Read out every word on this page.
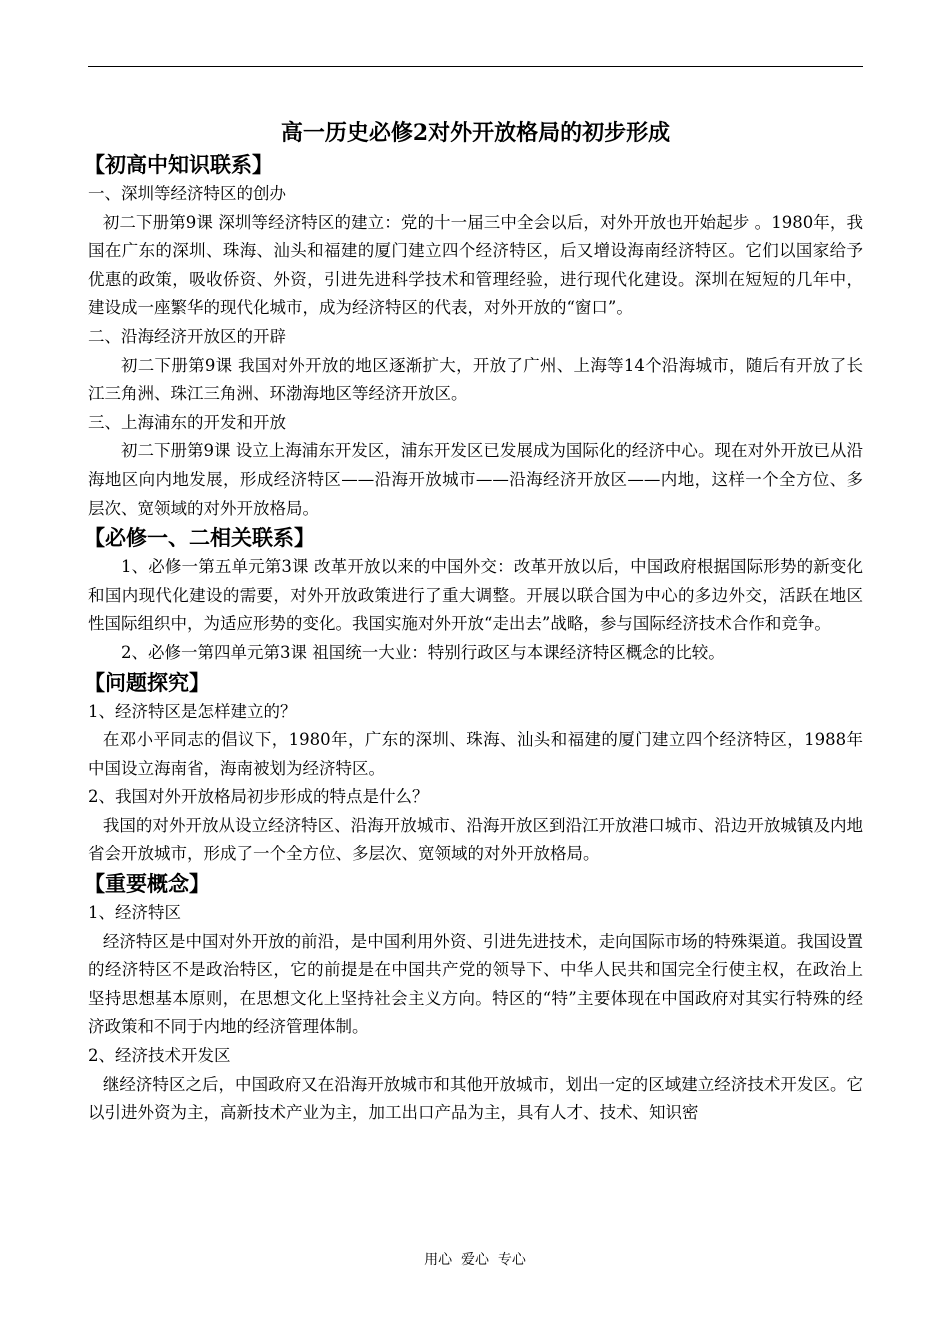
高一历史必修2对外开放格局的初步形成
【初高中知识联系】
一、深圳等经济特区的创办
初二下册第9课 深圳等经济特区的建立：党的十一届三中全会以后，对外开放也开始起步 。1980年，我国在广东的深圳、珠海、汕头和福建的厦门建立四个经济特区，后又增设海南经济特区。它们以国家给予优惠的政策，吸收侨资、外资，引进先进科学技术和管理经验，进行现代化建设。深圳在短短的几年中，建设成一座繁华的现代化城市，成为经济特区的代表，对外开放的“窗口”。
二、沿海经济开放区的开辟
初二下册第9课 我国对外开放的地区逐渐扩大，开放了广州、上海等14个沿海城市，随后有开放了长江三角洲、珠江三角洲、环渤海地区等经济开放区。
三、上海浦东的开发和开放
初二下册第9课 设立上海浦东开发区，浦东开发区已发展成为国际化的经济中心。现在对外开放已从沿海地区向内地发展，形成经济特区——沿海开放城市——沿海经济开放区——内地，这样一个全方位、多层次、宽领域的对外开放格局。
【必修一、二相关联系】
1、必修一第五单元第3课 改革开放以来的中国外交：改革开放以后，中国政府根据国际形势的新变化和国内现代化建设的需要，对外开放政策进行了重大调整。开展以联合国为中心的多边外交，活跃在地区性国际组织中，为适应形势的变化。我国实施对外开放“走出去”战略，参与国际经济技术合作和竞争。
2、必修一第四单元第3课 祖国统一大业：特别行政区与本课经济特区概念的比较。
【问题探究】
1、经济特区是怎样建立的？
在邓小平同志的倡议下，1980年，广东的深圳、珠海、汕头和福建的厦门建立四个经济特区，1988年中国设立海南省，海南被划为经济特区。
2、我国对外开放格局初步形成的特点是什么？
我国的对外开放从设立经济特区、沿海开放城市、沿海开放区到沿江开放港口城市、沿边开放城镇及内地省会开放城市，形成了一个全方位、多层次、宽领域的对外开放格局。
【重要概念】
1、经济特区
经济特区是中国对外开放的前沿，是中国利用外资、引进先进技术，走向国际市场的特殊渠道。我国设置的经济特区不是政治特区，它的前提是在中国共产党的领导下、中华人民共和国完全行使主权，在政治上坚持思想基本原则，在思想文化上坚持社会主义方向。特区的“特”主要体现在中国政府对其实行特殊的经济政策和不同于内地的经济管理体制。
2、经济技术开发区
继经济特区之后，中国政府又在沿海开放城市和其他开放城市，划出一定的区域建立经济技术开发区。它以引进外资为主，高新技术产业为主，加工出口产品为主，具有人才、技术、知识密
用心  爱心  专心
